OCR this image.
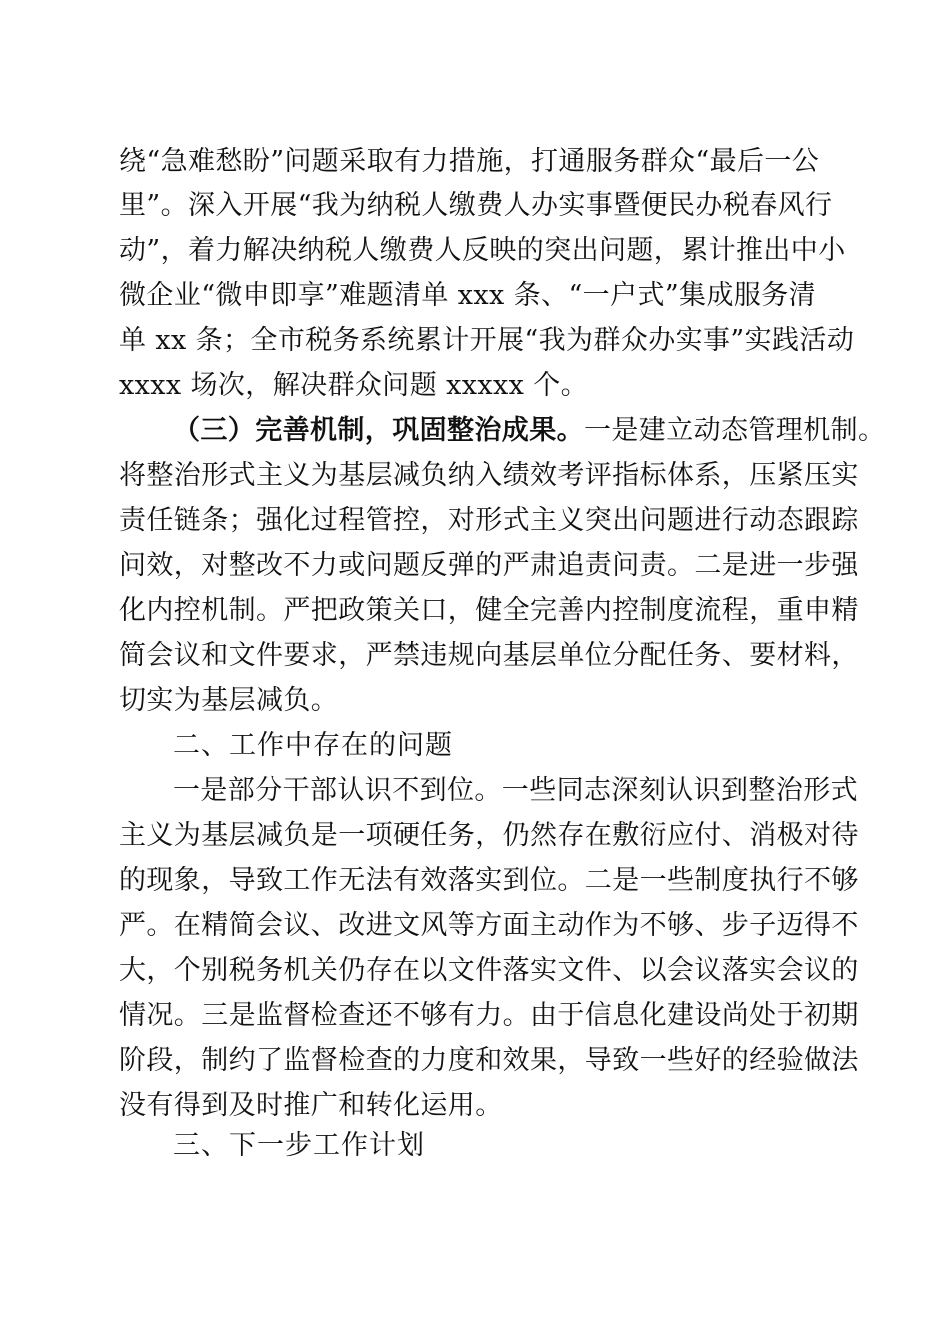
绕“急难愁盼”问题采取有力措施，打通服务群众“最后一公
里”。深入开展“我为纳税人缴费人办实事暨便民办税春风行
动”，着力解决纳税人缴费人反映的突出问题，累计推出中小
微企业“微申即享”难题清单 xxx 条、“一户式”集成服务清
单 xx 条；全市税务系统累计开展“我为群众办实事”实践活动
xxxx 场次，解决群众问题 xxxxx 个。
（三）完善机制，巩固整治成果。一是建立动态管理机制。
将整治形式主义为基层减负纳入绩效考评指标体系，压紧压实
责任链条；强化过程管控，对形式主义突出问题进行动态跟踪
问效，对整改不力或问题反弹的严肃追责问责。二是进一步强
化内控机制。严把政策关口，健全完善内控制度流程，重申精
简会议和文件要求，严禁违规向基层单位分配任务、要材料，
切实为基层减负。
二、工作中存在的问题
一是部分干部认识不到位。一些同志深刻认识到整治形式
主义为基层减负是一项硬任务，仍然存在敷衍应付、消极对待
的现象，导致工作无法有效落实到位。二是一些制度执行不够
严。在精简会议、改进文风等方面主动作为不够、步子迈得不
大，个别税务机关仍存在以文件落实文件、以会议落实会议的
情况。三是监督检查还不够有力。由于信息化建设尚处于初期
阶段，制约了监督检查的力度和效果，导致一些好的经验做法
没有得到及时推广和转化运用。
三、下一步工作计划
